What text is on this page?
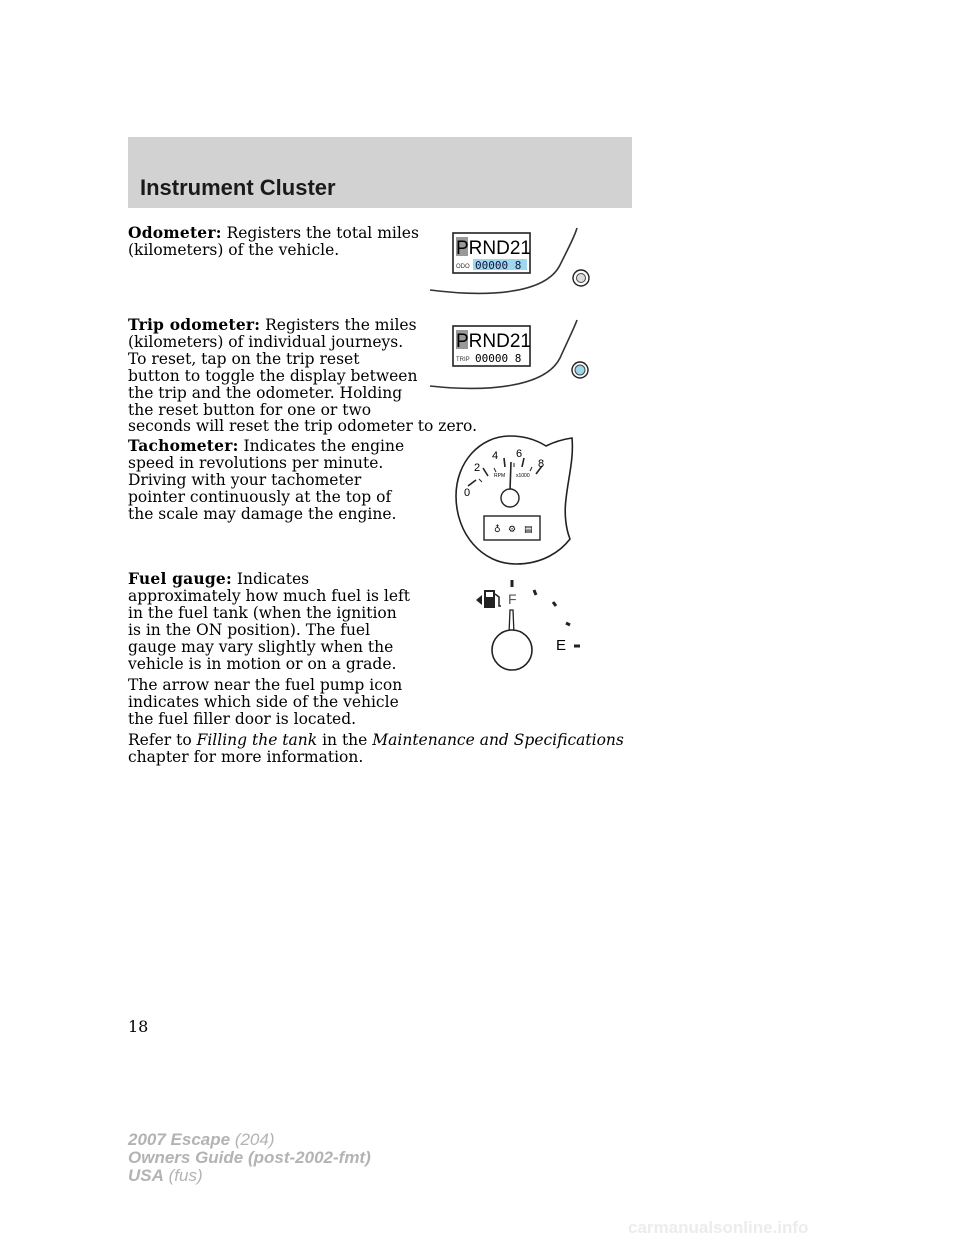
Instrument Cluster
Odometer: Registers the total miles
(kilometers) of the vehicle.	PRND21
ODO 00000 8
Trip odometer: Registers the miles
(kilometers) of individual journeys.
To reset, tap on the trip reset
button to toggle the display between
the trip and the odometer. Holding
the reset button for one or two
seconds will reset the trip odometer to zero.
PRND21
TRIP 00000 8
Tachometer: Indicates the engine
speed in revolutions per minute.
Driving with your tachometer
pointer continuously at the top of
the scale may damage the engine.
0
2
4 6
8
RPM x1000
♁ ⚙ ▤
Fuel gauge: Indicates
approximately how much fuel is left
in the fuel tank (when the ignition
is in the ON position). The fuel
gauge may vary slightly when the
vehicle is in motion or on a grade.
F
E
The arrow near the fuel pump icon
indicates which side of the vehicle
the fuel filler door is located.
Refer to Filling the tank in the Maintenance and Specifications
chapter for more information.
18
2007 Escape (204)
Owners Guide (post-2002-fmt)
USA (fus)
carmanualsonline.info
